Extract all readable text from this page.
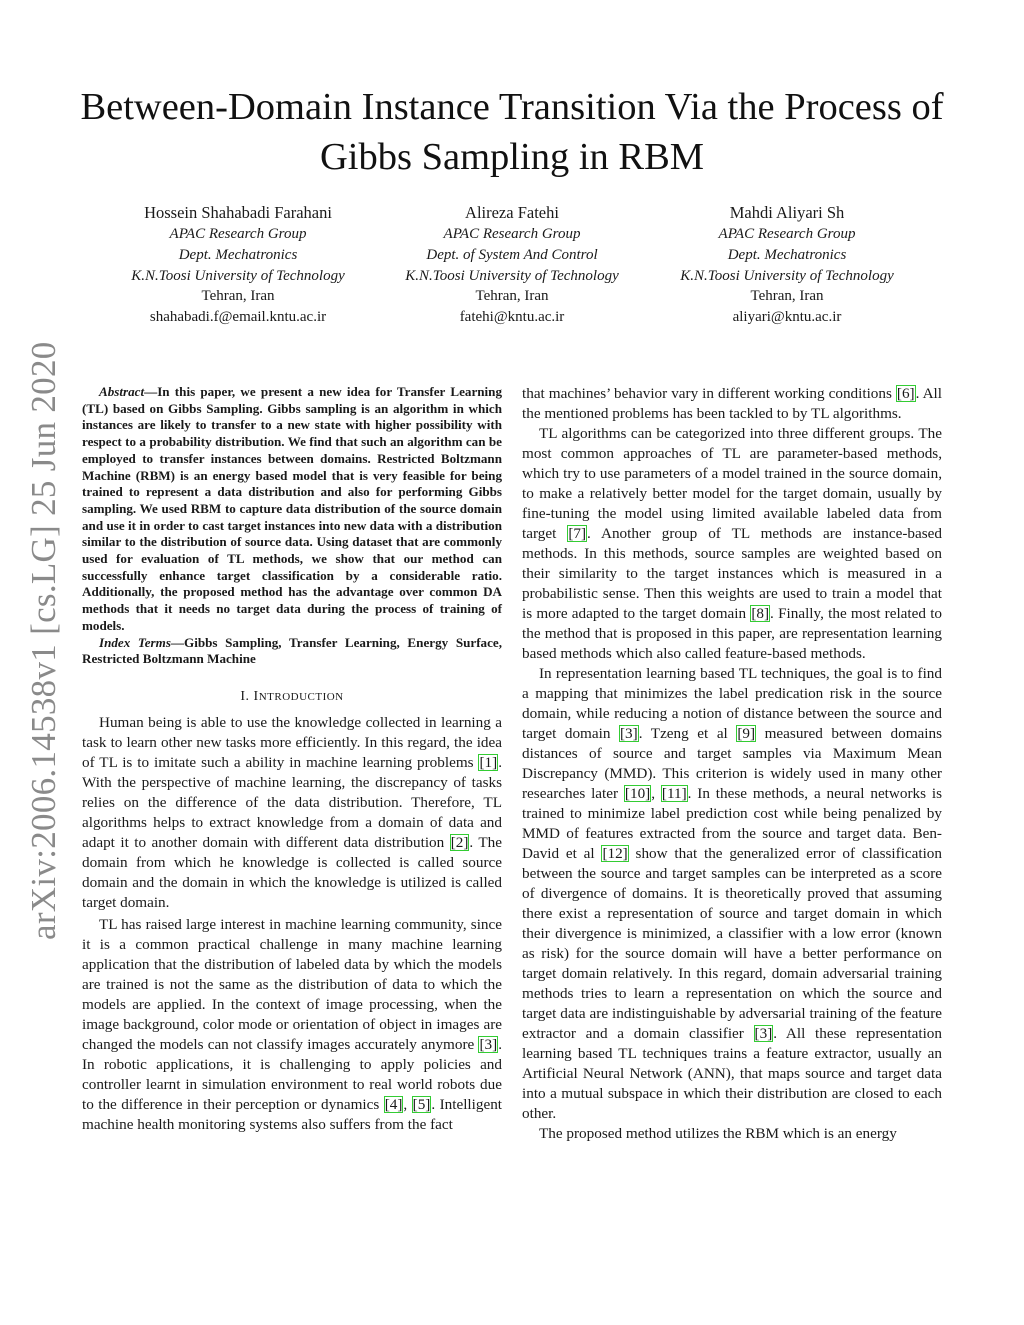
arXiv:2006.14538v1 [cs.LG] 25 Jun 2020
Between-Domain Instance Transition Via the Process of Gibbs Sampling in RBM
Hossein Shahabadi Farahani
APAC Research Group
Dept. Mechatronics
K.N.Toosi University of Technology
Tehran, Iran
shahabadi.f@email.kntu.ac.ir
Alireza Fatehi
APAC Research Group
Dept. of System And Control
K.N.Toosi University of Technology
Tehran, Iran
fatehi@kntu.ac.ir
Mahdi Aliyari Sh
APAC Research Group
Dept. Mechatronics
K.N.Toosi University of Technology
Tehran, Iran
aliyari@kntu.ac.ir

Abstract—In this paper, we present a new idea for Transfer Learning (TL) based on Gibbs Sampling. Gibbs sampling is an algorithm in which instances are likely to transfer to a new state with higher possibility with respect to a probability distribution. We find that such an algorithm can be employed to transfer instances between domains. Restricted Boltzmann Machine (RBM) is an energy based model that is very feasible for being trained to represent a data distribution and also for performing Gibbs sampling. We used RBM to capture data distribution of the source domain and use it in order to cast target instances into new data with a distribution similar to the distribution of source data. Using dataset that are commonly used for evaluation of TL methods, we show that our method can successfully enhance target classification by a considerable ratio. Additionally, the proposed method has the advantage over common DA methods that it needs no target data during the process of training of models.

Index Terms—Gibbs Sampling, Transfer Learning, Energy Surface, Restricted Boltzmann Machine

I. INTRODUCTION

Human being is able to use the knowledge collected in learning a task to learn other new tasks more efficiently. In this regard, the idea of TL is to imitate such a ability in machine learning problems [1]. With the perspective of machine learning, the discrepancy of tasks relies on the difference of the data distribution. Therefore, TL algorithms helps to extract knowledge from a domain of data and adapt it to another domain with different data distribution [2]. The domain from which he knowledge is collected is called source domain and the domain in which the knowledge is utilized is called target domain.

TL has raised large interest in machine learning community, since it is a common practical challenge in many machine learning application that the distribution of labeled data by which the models are trained is not the same as the distribution of data to which the models are applied. In the context of image processing, when the image background, color mode or orientation of object in images are changed the models can not classify images accurately anymore [3]. In robotic applications, it is challenging to apply policies and controller learnt in simulation environment to real world robots due to the difference in their perception or dynamics [4], [5]. Intelligent machine health monitoring systems also suffers from the fact

that machines’ behavior vary in different working conditions [6]. All the mentioned problems has been tackled to by TL algorithms.

TL algorithms can be categorized into three different groups. The most common approaches of TL are parameter-based methods, which try to use parameters of a model trained in the source domain, to make a relatively better model for the target domain, usually by fine-tuning the model using limited available labeled data from target [7]. Another group of TL methods are instance-based methods. In this methods, source samples are weighted based on their similarity to the target instances which is measured in a probabilistic sense. Then this weights are used to train a model that is more adapted to the target domain [8]. Finally, the most related to the method that is proposed in this paper, are representation learning based methods which also called feature-based methods.

In representation learning based TL techniques, the goal is to find a mapping that minimizes the label predication risk in the source domain, while reducing a notion of distance between the source and target domain [3]. Tzeng et al [9] measured between domains distances of source and target samples via Maximum Mean Discrepancy (MMD). This criterion is widely used in many other researches later [10], [11]. In these methods, a neural networks is trained to minimize label prediction cost while being penalized by MMD of features extracted from the source and target data. Ben-David et al [12] show that the generalized error of classification between the source and target samples can be interpreted as a score of divergence of domains. It is theoretically proved that assuming there exist a representation of source and target domain in which their divergence is minimized, a classifier with a low error (known as risk) for the source domain will have a better performance on target domain relatively. In this regard, domain adversarial training methods tries to learn a representation on which the source and target data are indistinguishable by adversarial training of the feature extractor and a domain classifier [3]. All these representation learning based TL techniques trains a feature extractor, usually an Artificial Neural Network (ANN), that maps source and target data into a mutual subspace in which their distribution are closed to each other.

The proposed method utilizes the RBM which is an energy
